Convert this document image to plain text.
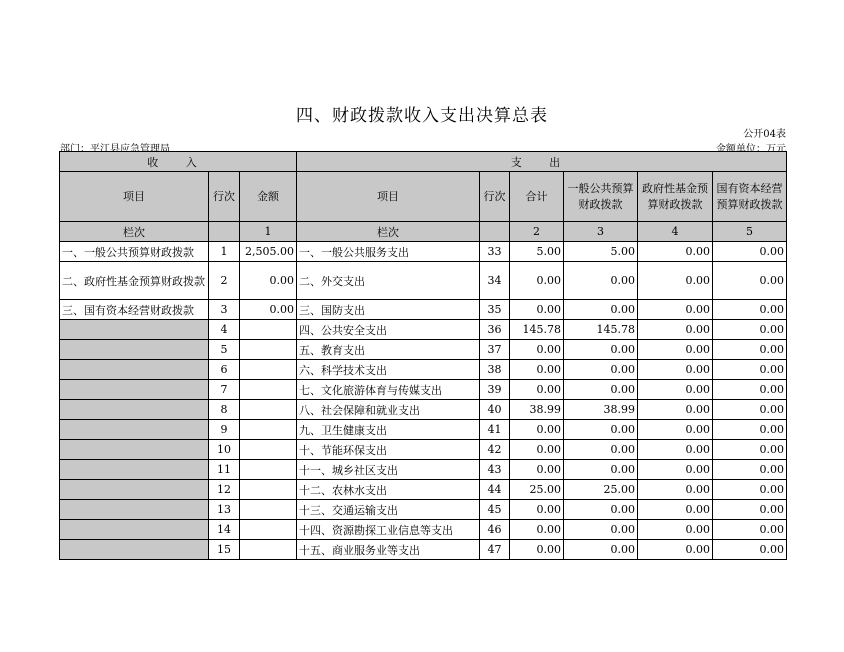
四、财政拨款收入支出决算总表
公开04表
部门：平江县应急管理局	金额单位：万元
收 入			支 出					
项目	行次	金额	项目	行次	合计	一般公共预算财政拨款	政府性基金预算财政拨款	国有资本经营预算财政拨款
栏次		1	栏次		2	3	4	5
一、一般公共预算财政拨款	1	2,505.00	一、一般公共服务支出	33	5.00	5.00	0.00	0.00
二、政府性基金预算财政拨款	2	0.00	二、外交支出	34	0.00	0.00	0.00	0.00
三、国有资本经营财政拨款	3	0.00	三、国防支出	35	0.00	0.00	0.00	0.00
	4		四、公共安全支出	36	145.78	145.78	0.00	0.00
	5		五、教育支出	37	0.00	0.00	0.00	0.00
	6		六、科学技术支出	38	0.00	0.00	0.00	0.00
	7		七、文化旅游体育与传媒支出	39	0.00	0.00	0.00	0.00
	8		八、社会保障和就业支出	40	38.99	38.99	0.00	0.00
	9		九、卫生健康支出	41	0.00	0.00	0.00	0.00
	10		十、节能环保支出	42	0.00	0.00	0.00	0.00
	11		十一、城乡社区支出	43	0.00	0.00	0.00	0.00
	12		十二、农林水支出	44	25.00	25.00	0.00	0.00
	13		十三、交通运输支出	45	0.00	0.00	0.00	0.00
	14		十四、资源勘探工业信息等支出	46	0.00	0.00	0.00	0.00
	15		十五、商业服务业等支出	47	0.00	0.00	0.00	0.00
